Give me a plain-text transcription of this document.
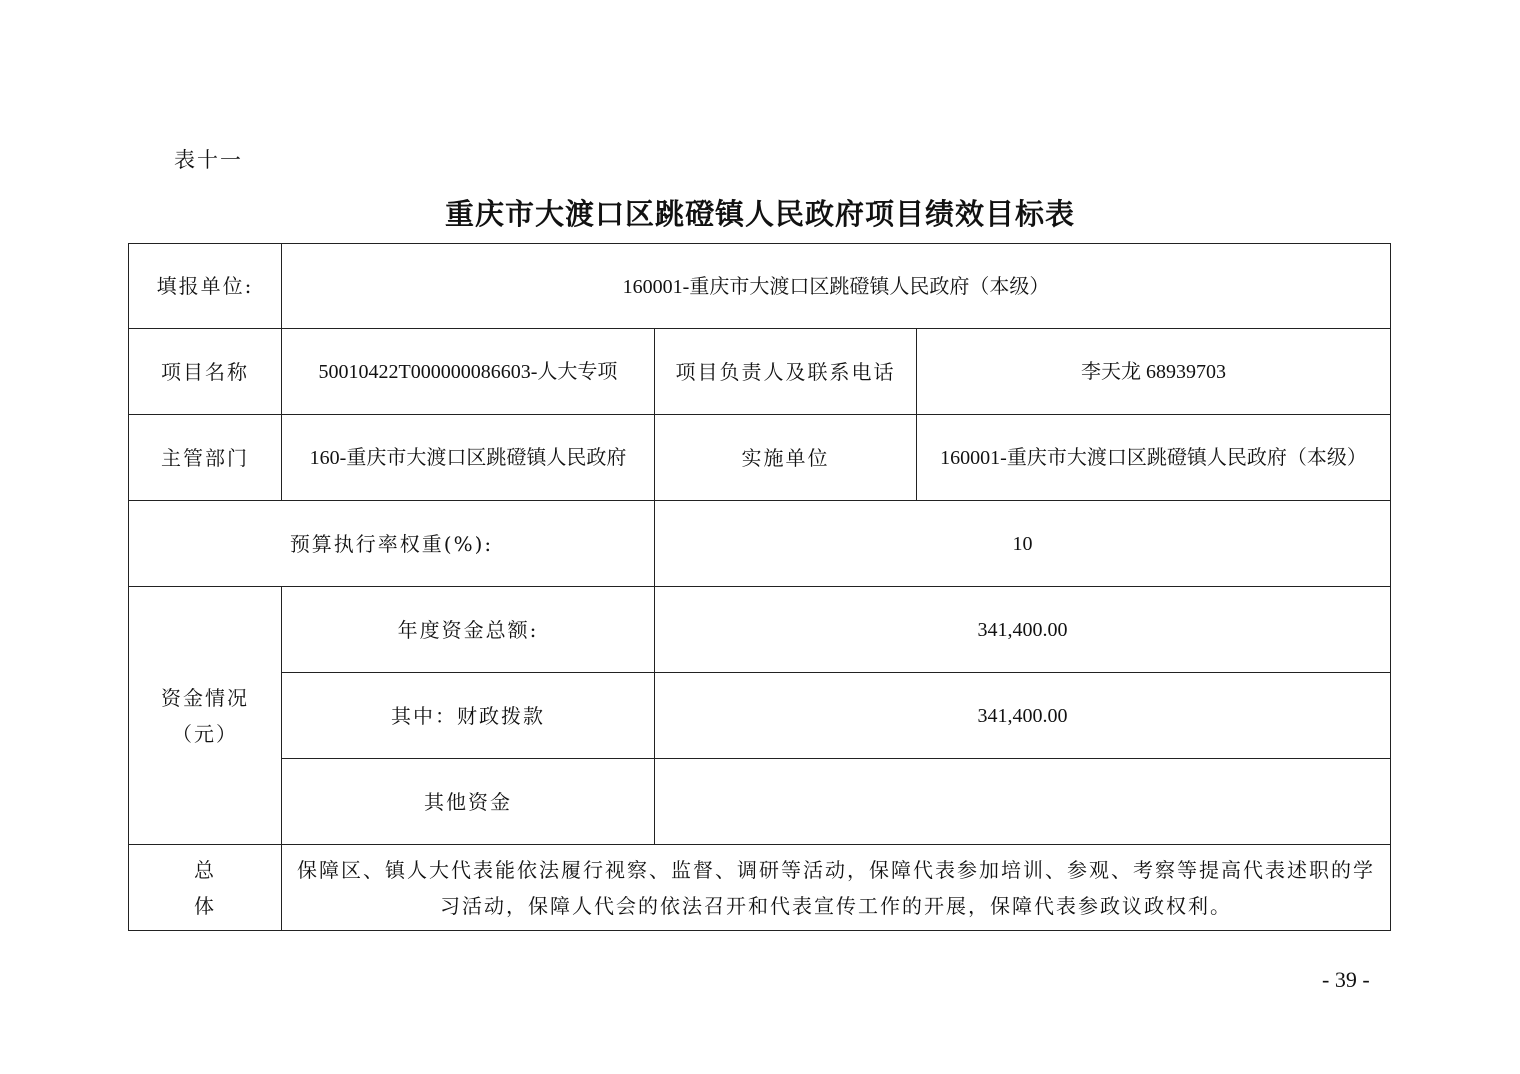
表十一
重庆市大渡口区跳磴镇人民政府项目绩效目标表
填报单位:	160001-重庆市大渡口区跳磴镇人民政府（本级）		
项目名称	50010422T000000086603-人大专项	项目负责人及联系电话	李天龙 68939703
主管部门	160-重庆市大渡口区跳磴镇人民政府	实施单位	160001-重庆市大渡口区跳磴镇人民政府（本级）
预算执行率权重(%):		10	

资金情况
（元）	年度资金总额:	341,400.00	
	其中：财政拨款	341,400.00	
	其他资金		

总
体	保障区、镇人大代表能依法履行视察、监督、调研等活动，保障代表参加培训、参观、考察等提高代表述职的学习活动，保障人代会的依法召开和代表宣传工作的开展，保障代表参政议政权利。		
- 39 -
